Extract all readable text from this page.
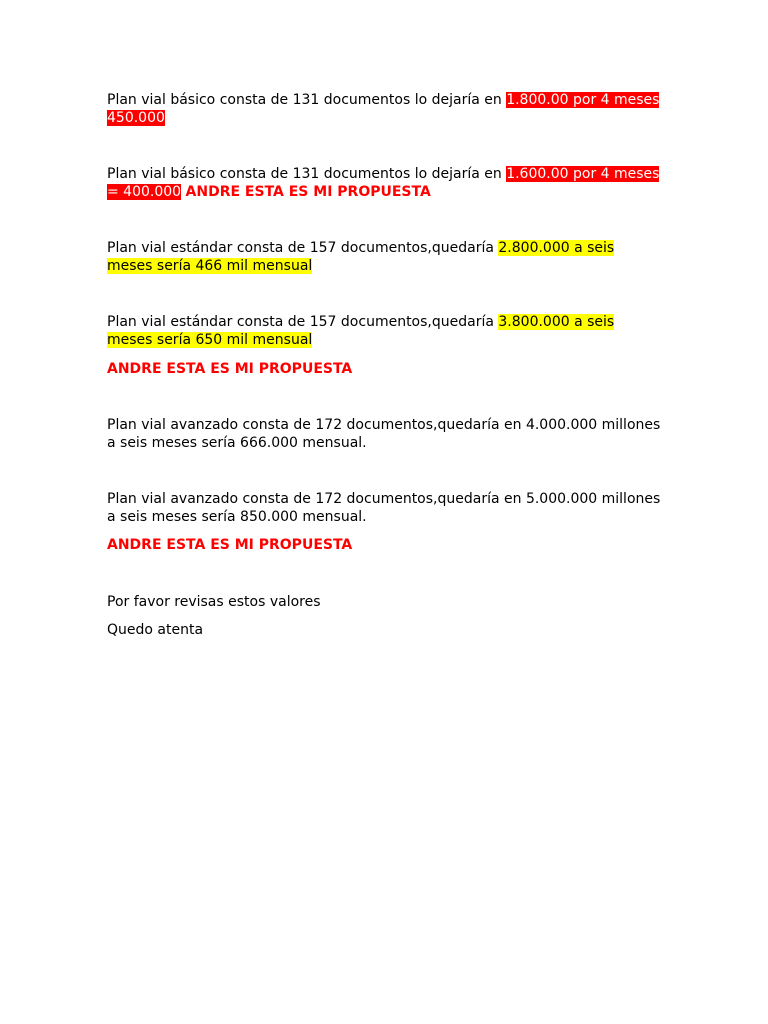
Plan vial básico consta de 131 documentos lo dejaría en 1.800.00 por 4 meses 450.000

Plan vial básico consta de 131 documentos lo dejaría en 1.600.00 por 4 meses = 400.000 ANDRE ESTA ES MI PROPUESTA

Plan vial estándar consta de 157 documentos,quedaría 2.800.000 a seis meses sería 466 mil mensual

Plan vial estándar consta de 157 documentos,quedaría 3.800.000 a seis meses sería 650 mil mensual

ANDRE ESTA ES MI PROPUESTA

Plan vial avanzado consta de 172 documentos,quedaría en 4.000.000 millones a seis meses sería 666.000 mensual.

Plan vial avanzado consta de 172 documentos,quedaría en 5.000.000 millones a seis meses sería 850.000 mensual.

ANDRE ESTA ES MI PROPUESTA

Por favor revisas estos valores

Quedo atenta
